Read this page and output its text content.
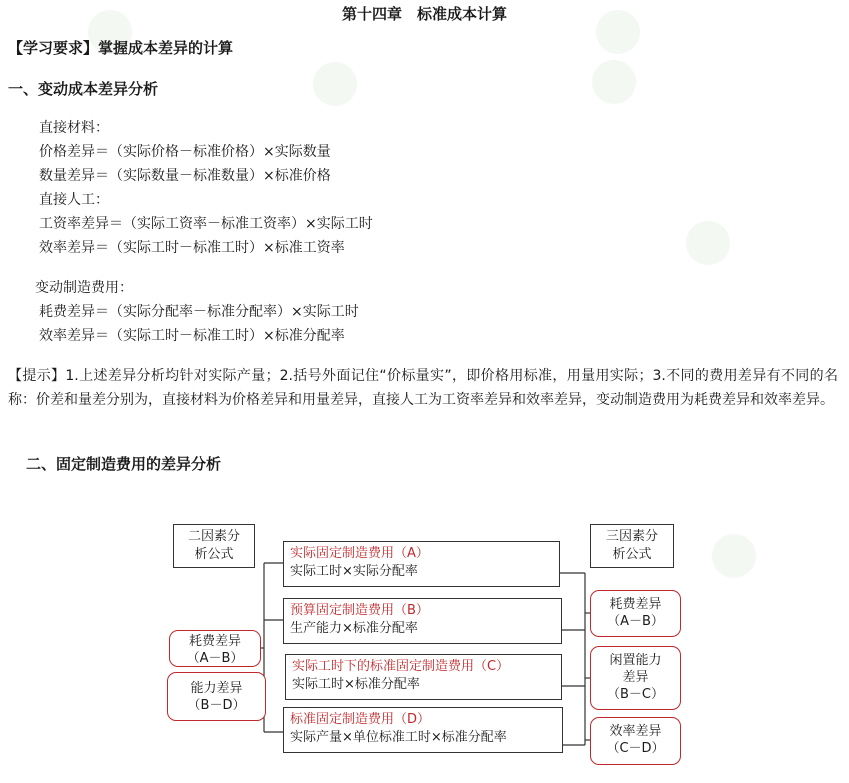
第十四章　标准成本计算
【学习要求】掌握成本差异的计算
一、变动成本差异分析
直接材料：
价格差异＝（实际价格－标准价格）×实际数量
数量差异＝（实际数量－标准数量）×标准价格
直接人工：
工资率差异＝（实际工资率－标准工资率）×实际工时
效率差异＝（实际工时－标准工时）×标准工资率
变动制造费用：
耗费差异＝（实际分配率－标准分配率）×实际工时
效率差异＝（实际工时－标准工时）×标准分配率
【提示】1.上述差异分析均针对实际产量；2.括号外面记住“价标量实”，即价格用标准，用量用实际；3.不同的费用差异有不同的名称：价差和量差分别为，直接材料为价格差异和用量差异，直接人工为工资率差异和效率差异，变动制造费用为耗费差异和效率差异。
二、固定制造费用的差异分析
二因素分
析公式
三因素分
析公式
实际固定制造费用（A）
实际工时×实际分配率
预算固定制造费用（B）
生产能力×标准分配率
实际工时下的标准固定制造费用（C）
实际工时×标准分配率
标准固定制造费用（D）
实际产量×单位标准工时×标准分配率
耗费差异
（A－B）
能力差异
（B－D）
耗费差异
（A－B）
闲置能力
差异
（B－C）
效率差异
（C－D）
